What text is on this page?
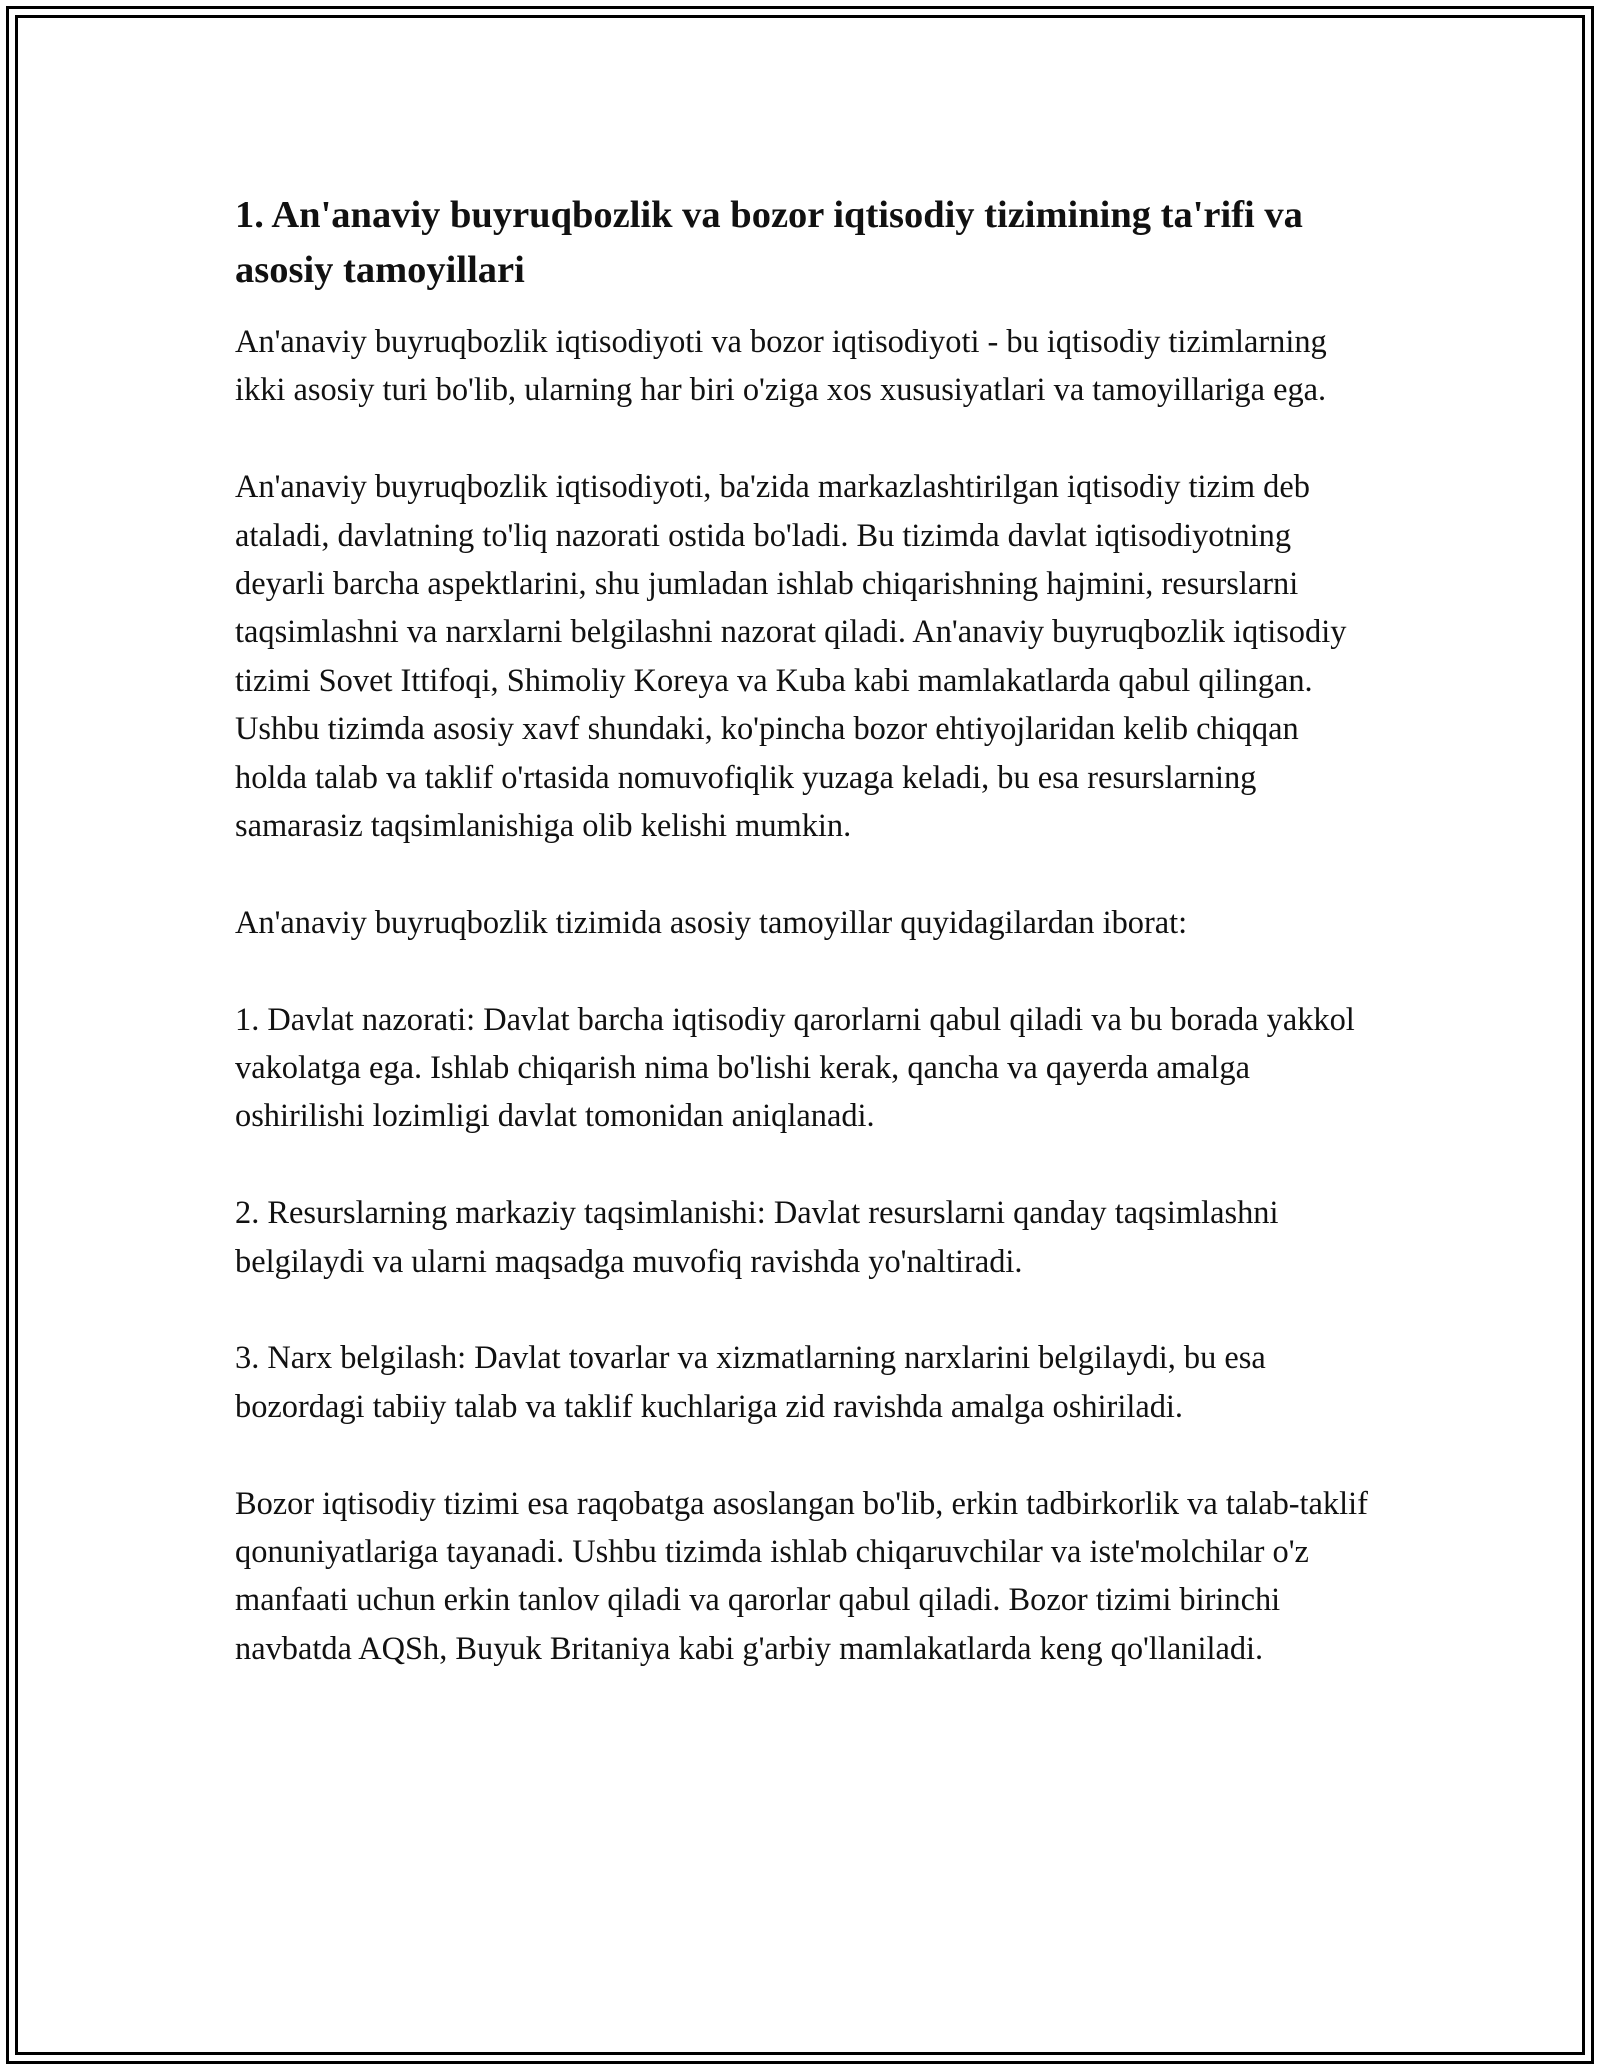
1. An'anaviy buyruqbozlik va bozor iqtisodiy tizimining ta'rifi va asosiy tamoyillari

An'anaviy buyruqbozlik iqtisodiyoti va bozor iqtisodiyoti - bu iqtisodiy tizimlarning ikki asosiy turi bo'lib, ularning har biri o'ziga xos xususiyatlari va tamoyillariga ega.

An'anaviy buyruqbozlik iqtisodiyoti, ba'zida markazlashtirilgan iqtisodiy tizim deb ataladi, davlatning to'liq nazorati ostida bo'ladi. Bu tizimda davlat iqtisodiyotning deyarli barcha aspektlarini, shu jumladan ishlab chiqarishning hajmini, resurslarni taqsimlashni va narxlarni belgilashni nazorat qiladi. An'anaviy buyruqbozlik iqtisodiy tizimi Sovet Ittifoqi, Shimoliy Koreya va Kuba kabi mamlakatlarda qabul qilingan. Ushbu tizimda asosiy xavf shundaki, ko'pincha bozor ehtiyojlaridan kelib chiqqan holda talab va taklif o'rtasida nomuvofiqlik yuzaga keladi, bu esa resurslarning samarasiz taqsimlanishiga olib kelishi mumkin.

An'anaviy buyruqbozlik tizimida asosiy tamoyillar quyidagilardan iborat:

1. Davlat nazorati: Davlat barcha iqtisodiy qarorlarni qabul qiladi va bu borada yakkol vakolatga ega. Ishlab chiqarish nima bo'lishi kerak, qancha va qayerda amalga oshirilishi lozimligi davlat tomonidan aniqlanadi.

2. Resurslarning markaziy taqsimlanishi: Davlat resurslarni qanday taqsimlashni belgilaydi va ularni maqsadga muvofiq ravishda yo'naltiradi.

3. Narx belgilash: Davlat tovarlar va xizmatlarning narxlarini belgilaydi, bu esa bozordagi tabiiy talab va taklif kuchlariga zid ravishda amalga oshiriladi.

Bozor iqtisodiy tizimi esa raqobatga asoslangan bo'lib, erkin tadbirkorlik va talab-taklif qonuniyatlariga tayanadi. Ushbu tizimda ishlab chiqaruvchilar va iste'molchilar o'z manfaati uchun erkin tanlov qiladi va qarorlar qabul qiladi. Bozor tizimi birinchi navbatda AQSh, Buyuk Britaniya kabi g'arbiy mamlakatlarda keng qo'llaniladi.
